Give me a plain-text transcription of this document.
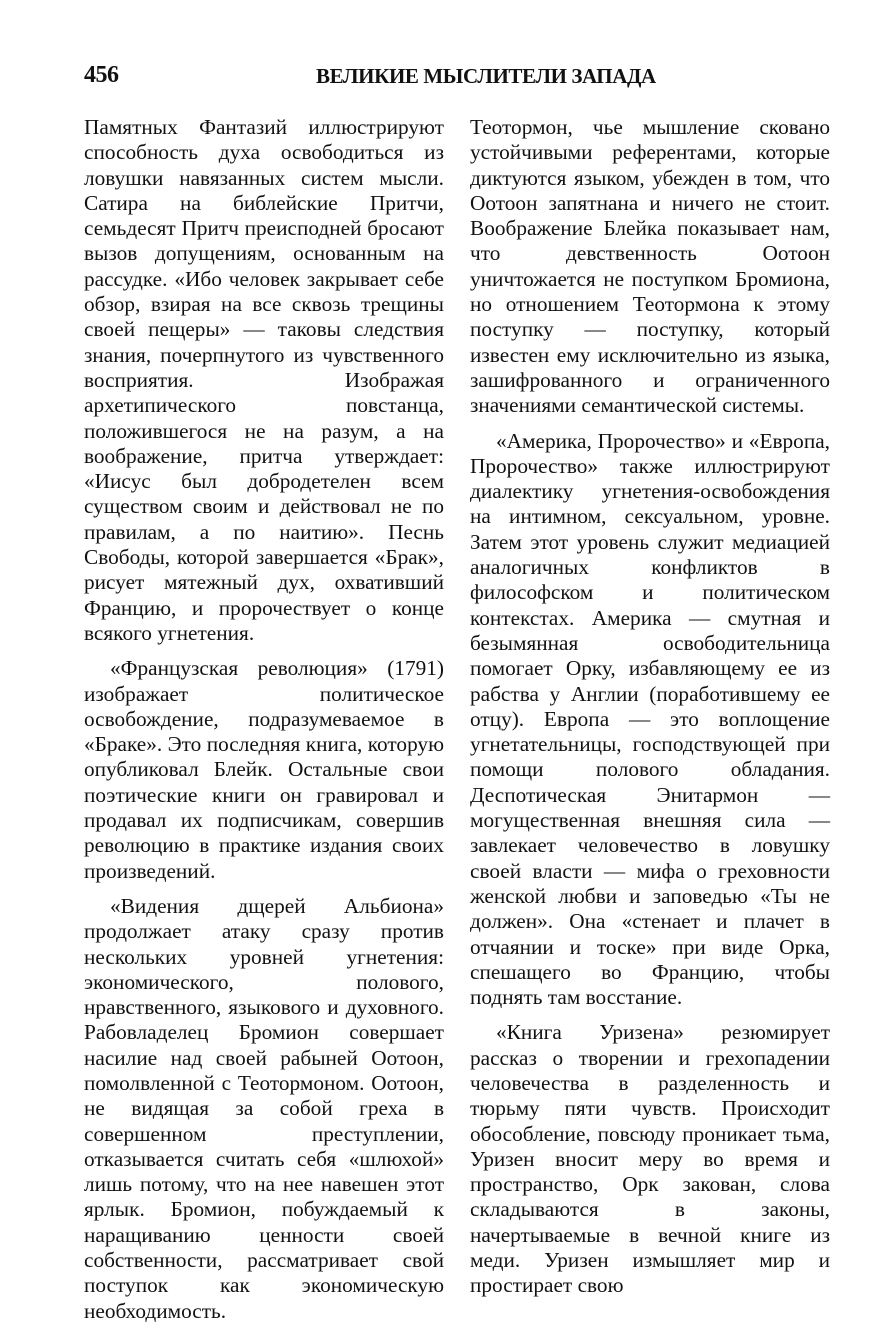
456	ВЕЛИКИЕ МЫСЛИТЕЛИ ЗАПАДА

Памятных Фантазий иллюстрируют способность духа освободиться из ловушки навязанных систем мысли. Сатира на библейские Притчи, семьдесят Притч преисподней бросают вызов допущениям, основанным на рассудке. «Ибо человек закрывает себе обзор, взирая на все сквозь трещины своей пещеры» — таковы следствия знания, почерпнутого из чувственного восприятия. Изображая архетипического повстанца, положившегося не на разум, а на воображение, притча утверждает: «Иисус был добродетелен всем существом своим и действовал не по правилам, а по наитию». Песнь Свободы, которой завершается «Брак», рисует мятежный дух, охвативший Францию, и пророчествует о конце всякого угнетения.

«Французская революция» (1791) изображает политическое освобождение, подразумеваемое в «Браке». Это последняя книга, которую опубликовал Блейк. Остальные свои поэтические книги он гравировал и продавал их подписчикам, совершив революцию в практике издания своих произведений.

«Видения дщерей Альбиона» продолжает атаку сразу против нескольких уровней угнетения: экономического, полового, нравственного, языкового и духовного. Рабовладелец Бромион совершает насилие над своей рабыней Оотоон, помолвленной с Теотормоном. Оотоон, не видящая за собой греха в совершенном преступлении, отказывается считать себя «шлюхой» лишь потому, что на нее навешен этот ярлык. Бромион, побуждаемый к наращиванию ценности своей собственности, рассматривает свой поступок как экономическую необходимость.

Теотормон, чье мышление сковано устойчивыми референтами, которые диктуются языком, убежден в том, что Оотоон запятнана и ничего не стоит. Воображение Блейка показывает нам, что девственность Оотоон уничтожается не поступком Бромиона, но отношением Теотормона к этому поступку — поступку, который известен ему исключительно из языка, зашифрованного и ограниченного значениями семантической системы.

«Америка, Пророчество» и «Европа, Пророчество» также иллюстрируют диалектику угнетения-освобождения на интимном, сексуальном, уровне. Затем этот уровень служит медиацией аналогичных конфликтов в философском и политическом контекстах. Америка — смутная и безымянная освободительница помогает Орку, избавляющему ее из рабства у Англии (поработившему ее отцу). Европа — это воплощение угнетательницы, господствующей при помощи полового обладания. Деспотическая Энитармон — могущественная внешняя сила — завлекает человечество в ловушку своей власти — мифа о греховности женской любви и заповедью «Ты не должен». Она «стенает и плачет в отчаянии и тоске» при виде Орка, спешащего во Францию, чтобы поднять там восстание.

«Книга Уризена» резюмирует рассказ о творении и грехопадении человечества в разделенность и тюрьму пяти чувств. Происходит обособление, повсюду проникает тьма, Уризен вносит меру во время и пространство, Орк закован, слова складываются в законы, начертываемые в вечной книге из меди. Уризен измышляет мир и простирает свою
